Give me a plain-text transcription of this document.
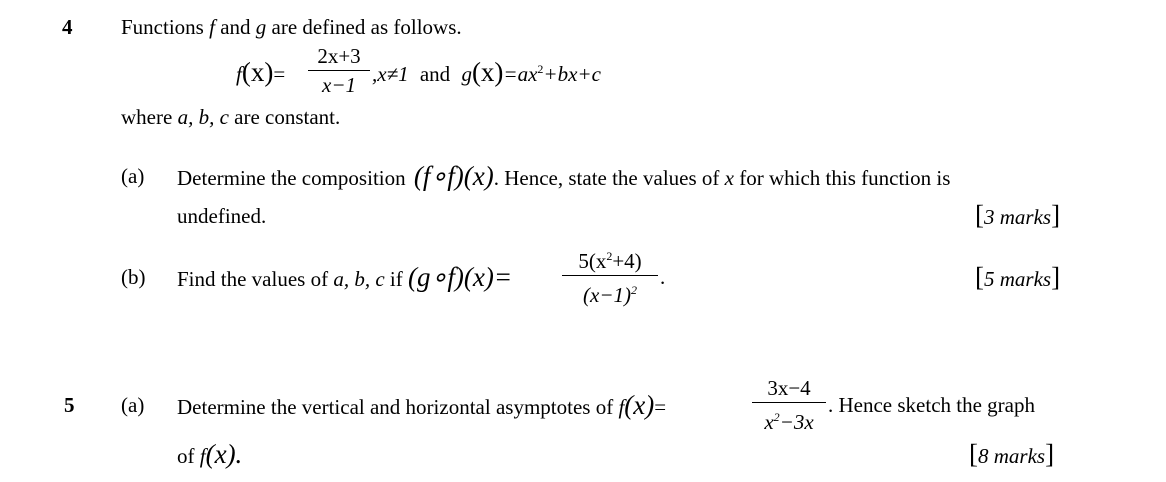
4 Functions f and g are defined as follows.
f(x)=
2x+3
x−1 ,x≠1 and $g(x)=ax^2+bx+c$
where a, b, c are constant.
(a) Determine the composition (f∘f)(x). Hence, state the values of x for which this function is
undefined.	[3 marks]
(b) Find the values of a, b, c if (g∘f)(x)=
$5(x^2+4)$
$(x-1)^2$
.	[5 marks]
5 (a) Determine the vertical and horizontal asymptotes of f(x)=
3x−4
$x^2-3x$
. Hence sketch the graph
of f(x).	[8 marks]
